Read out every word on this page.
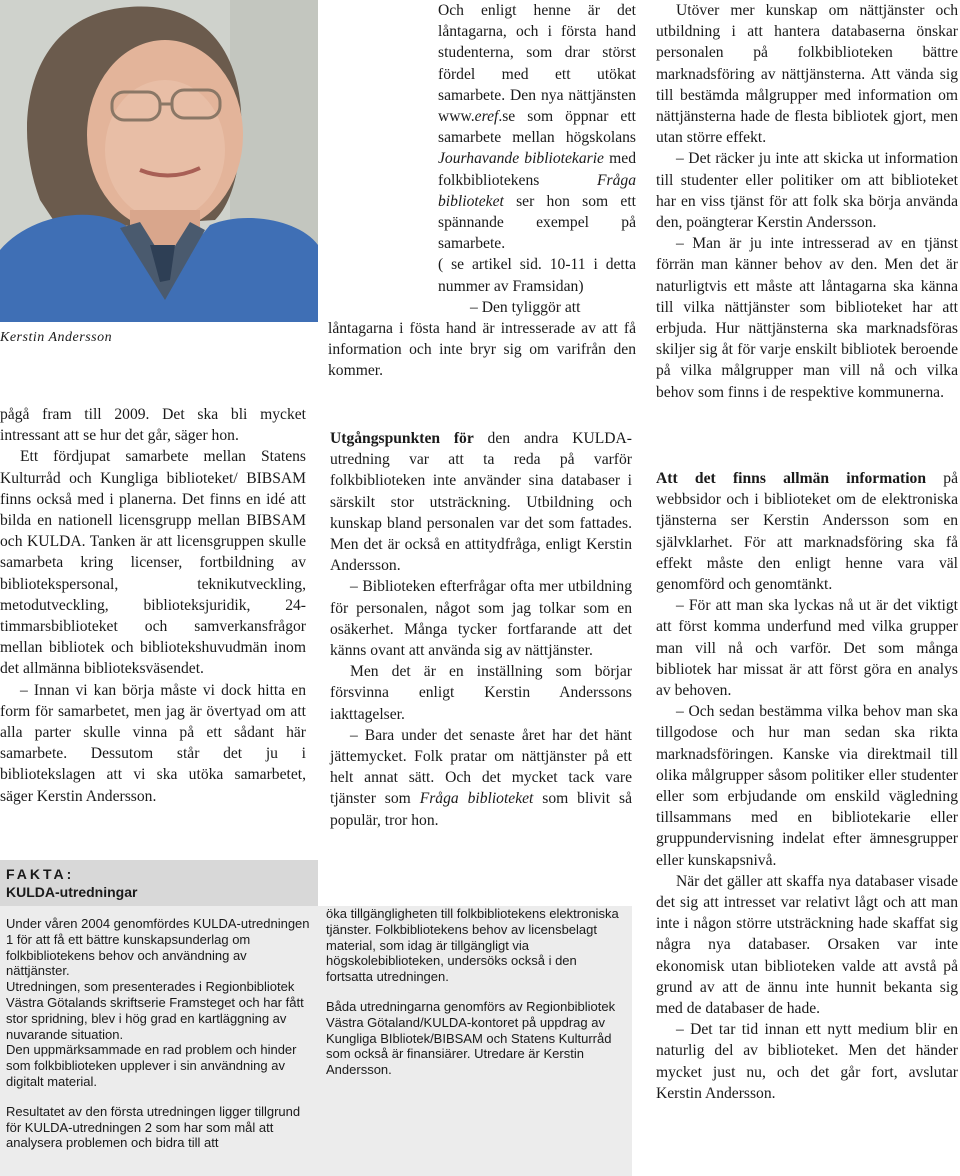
Kerstin Andersson

pågå fram till 2009. Det ska bli mycket intressant att se hur det går, säger hon.

Ett fördjupat samarbete mellan Statens Kulturråd och Kungliga biblioteket/ BIBSAM finns också med i planerna. Det finns en idé att bilda en nationell licensgrupp mellan BIBSAM och KULDA. Tanken är att licensgruppen skulle samarbeta kring licenser, fortbildning av bibliotekspersonal, teknikutveckling, metodutveckling, biblioteksjuridik, 24-timmarsbiblioteket och samverkansfrågor mellan bibliotek och bibliotekshuvudmän inom det allmänna biblioteksväsendet.

– Innan vi kan börja måste vi dock hitta en form för samarbetet, men jag är övertyad om att alla parter skulle vinna på ett sådant här samarbete. Dessutom står det ju i bibliotekslagen att vi ska utöka samarbetet, säger Kerstin Andersson.

Och enligt henne är det låntagarna, och i första hand studenterna, som drar störst fördel med ett utökat samarbete. Den nya nättjänsten www.eref.se som öppnar ett samarbete mellan högskolans Jourhavande bibliotekarie med folkbibliotekens Fråga biblioteket ser hon som ett spännande exempel på samarbete.

( se artikel sid. 10-11 i detta nummer av Framsidan)

– Den tyliggör att

låntagarna i fösta hand är intresserade av att få information och inte bryr sig om varifrån den kommer.

Utgångspunkten för den andra KULDA-utredning var att ta reda på varför folkbiblioteken inte använder sina databaser i särskilt stor utsträckning. Utbildning och kunskap bland personalen var det som fattades. Men det är också en attitydfråga, enligt Kerstin Andersson.

– Biblioteken efterfrågar ofta mer utbildning för personalen, något som jag tolkar som en osäkerhet. Många tycker fortfarande att det känns ovant att använda sig av nättjänster.

Men det är en inställning som börjar försvinna enligt Kerstin Anderssons iakttagelser.

– Bara under det senaste året har det hänt jättemycket. Folk pratar om nättjänster på ett helt annat sätt. Och det mycket tack vare tjänster som Fråga biblioteket som blivit så populär, tror hon.

Utöver mer kunskap om nättjänster och utbildning i att hantera databaserna önskar personalen på folkbiblioteken bättre marknadsföring av nättjänsterna. Att vända sig till bestämda målgrupper med information om nättjänsterna hade de flesta bibliotek gjort, men utan större effekt.

– Det räcker ju inte att skicka ut information till studenter eller politiker om att biblioteket har en viss tjänst för att folk ska börja använda den, poängterar Kerstin Andersson.

– Man är ju inte intresserad av en tjänst förrän man känner behov av den. Men det är naturligtvis ett måste att låntagarna ska känna till vilka nättjänster som biblioteket har att erbjuda. Hur nättjänsterna ska marknadsföras skiljer sig åt för varje enskilt bibliotek beroende på vilka målgrupper man vill nå och vilka behov som finns i de respektive kommunerna.

Att det finns allmän information på webbsidor och i biblioteket om de elektroniska tjänsterna ser Kerstin Andersson som en självklarhet. För att marknadsföring ska få effekt måste den enligt henne vara väl genomförd och genomtänkt.

– För att man ska lyckas nå ut är det viktigt att först komma underfund med vilka grupper man vill nå och varför. Det som många bibliotek har missat är att först göra en analys av behoven.

– Och sedan bestämma vilka behov man ska tillgodose och hur man sedan ska rikta marknadsföringen. Kanske via direktmail till olika målgrupper såsom politiker eller studenter eller som erbjudande om enskild vägledning tillsammans med en bibliotekarie eller gruppundervisning indelat efter ämnesgrupper eller kunskapsnivå.

När det gäller att skaffa nya databaser visade det sig att intresset var relativt lågt och att man inte i någon större utsträckning hade skaffat sig några nya databaser. Orsaken var inte ekonomisk utan biblioteken valde att avstå på grund av att de ännu inte hunnit bekanta sig med de databaser de hade.

– Det tar tid innan ett nytt medium blir en naturlig del av biblioteket. Men det händer mycket just nu, och det går fort, avslutar Kerstin Andersson.

FAKTA:
KULDA-utredningar

Under våren 2004 genomfördes KULDA-utredningen 1 för att få ett bättre kunskapsunderlag om folkbibliotekens behov och användning av nättjänster.

Utredningen, som presenterades i Regionbibliotek Västra Götalands skriftserie Framsteget och har fått stor spridning, blev i hög grad en kartläggning av nuvarande situation.

Den uppmärksammade en rad problem och hinder som folkbiblioteken upplever i sin användning av digitalt material.

Resultatet av den första utredningen ligger tillgrund för KULDA-utredningen 2 som har som mål att analysera problemen och bidra till att

öka tillgängligheten till folkbibliotekens elektroniska tjänster. Folkbibliotekens behov av licensbelagt material, som idag är tillgängligt via högskolebiblioteken, undersöks också i den fortsatta utredningen.

Båda utredningarna genomförs av Regionbibliotek Västra Götaland/KULDA-kontoret på uppdrag av Kungliga BIbliotek/BIBSAM och Statens Kulturråd som också är finansiärer. Utredare är Kerstin Andersson.
